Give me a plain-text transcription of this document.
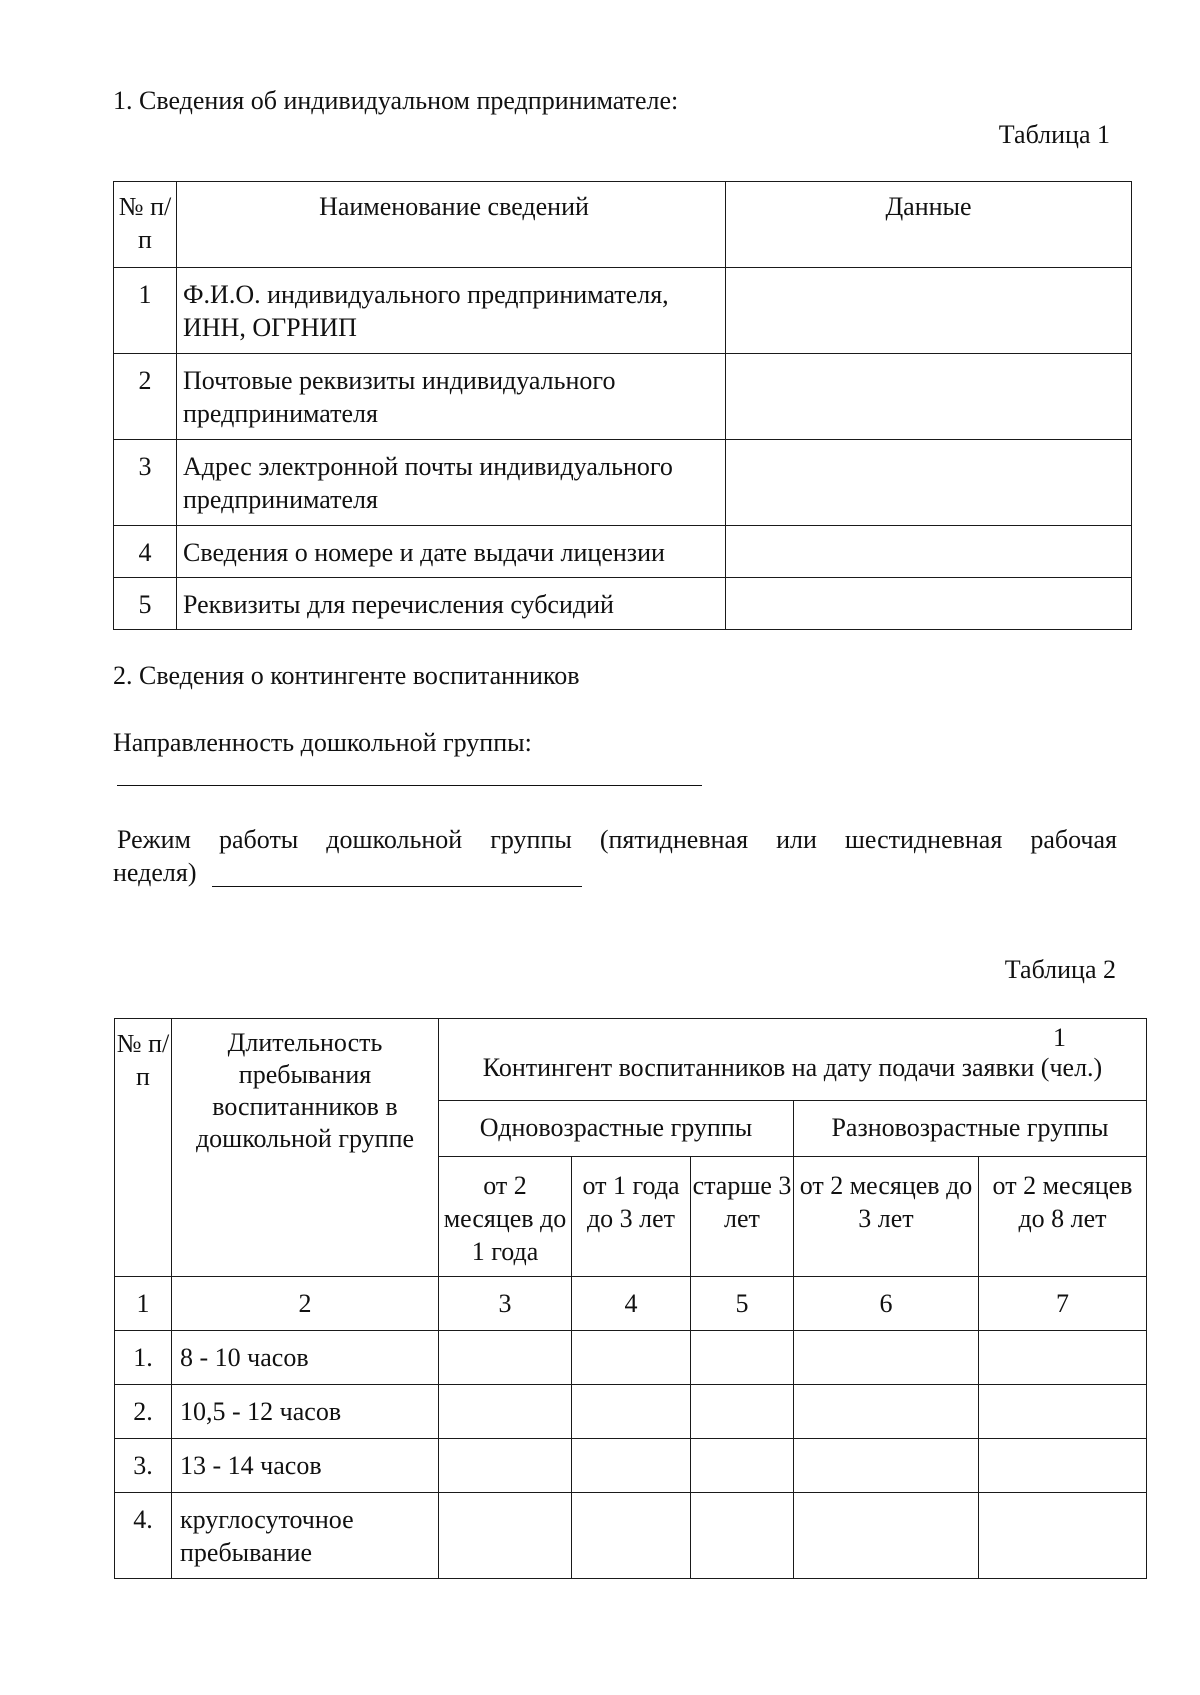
1. Сведения об индивидуальном предпринимателе:
Таблица 1
№ п/п	Наименование сведений	Данные
1	Ф.И.О. индивидуального предпринимателя, ИНН, ОГРНИП	
2	Почтовые реквизиты индивидуального предпринимателя	
3	Адрес электронной почты индивидуального предпринимателя	
4	Сведения о номере и дате выдачи лицензии	
5	Реквизиты для перечисления субсидий	
2. Сведения о контингенте воспитанников
Направленность дошкольной группы:
Режим работы дошкольной группы (пятидневная или шестидневная рабочая
неделя)
Таблица 2
№ п/п	Длительность пребывания воспитанников в дошкольной группе	1
Контингент воспитанников на дату подачи заявки (чел.)				
		Одновозрастные группы			Разновозрастные группы	
		от 2 месяцев до 1 года	от 1 года до 3 лет	старше 3 лет	от 2 месяцев до 3 лет	от 2 месяцев до 8 лет
1	2	3	4	5	6	7
1.	8 - 10 часов					
2.	10,5 - 12 часов					
3.	13 - 14 часов					
4.	круглосуточное пребывание					
